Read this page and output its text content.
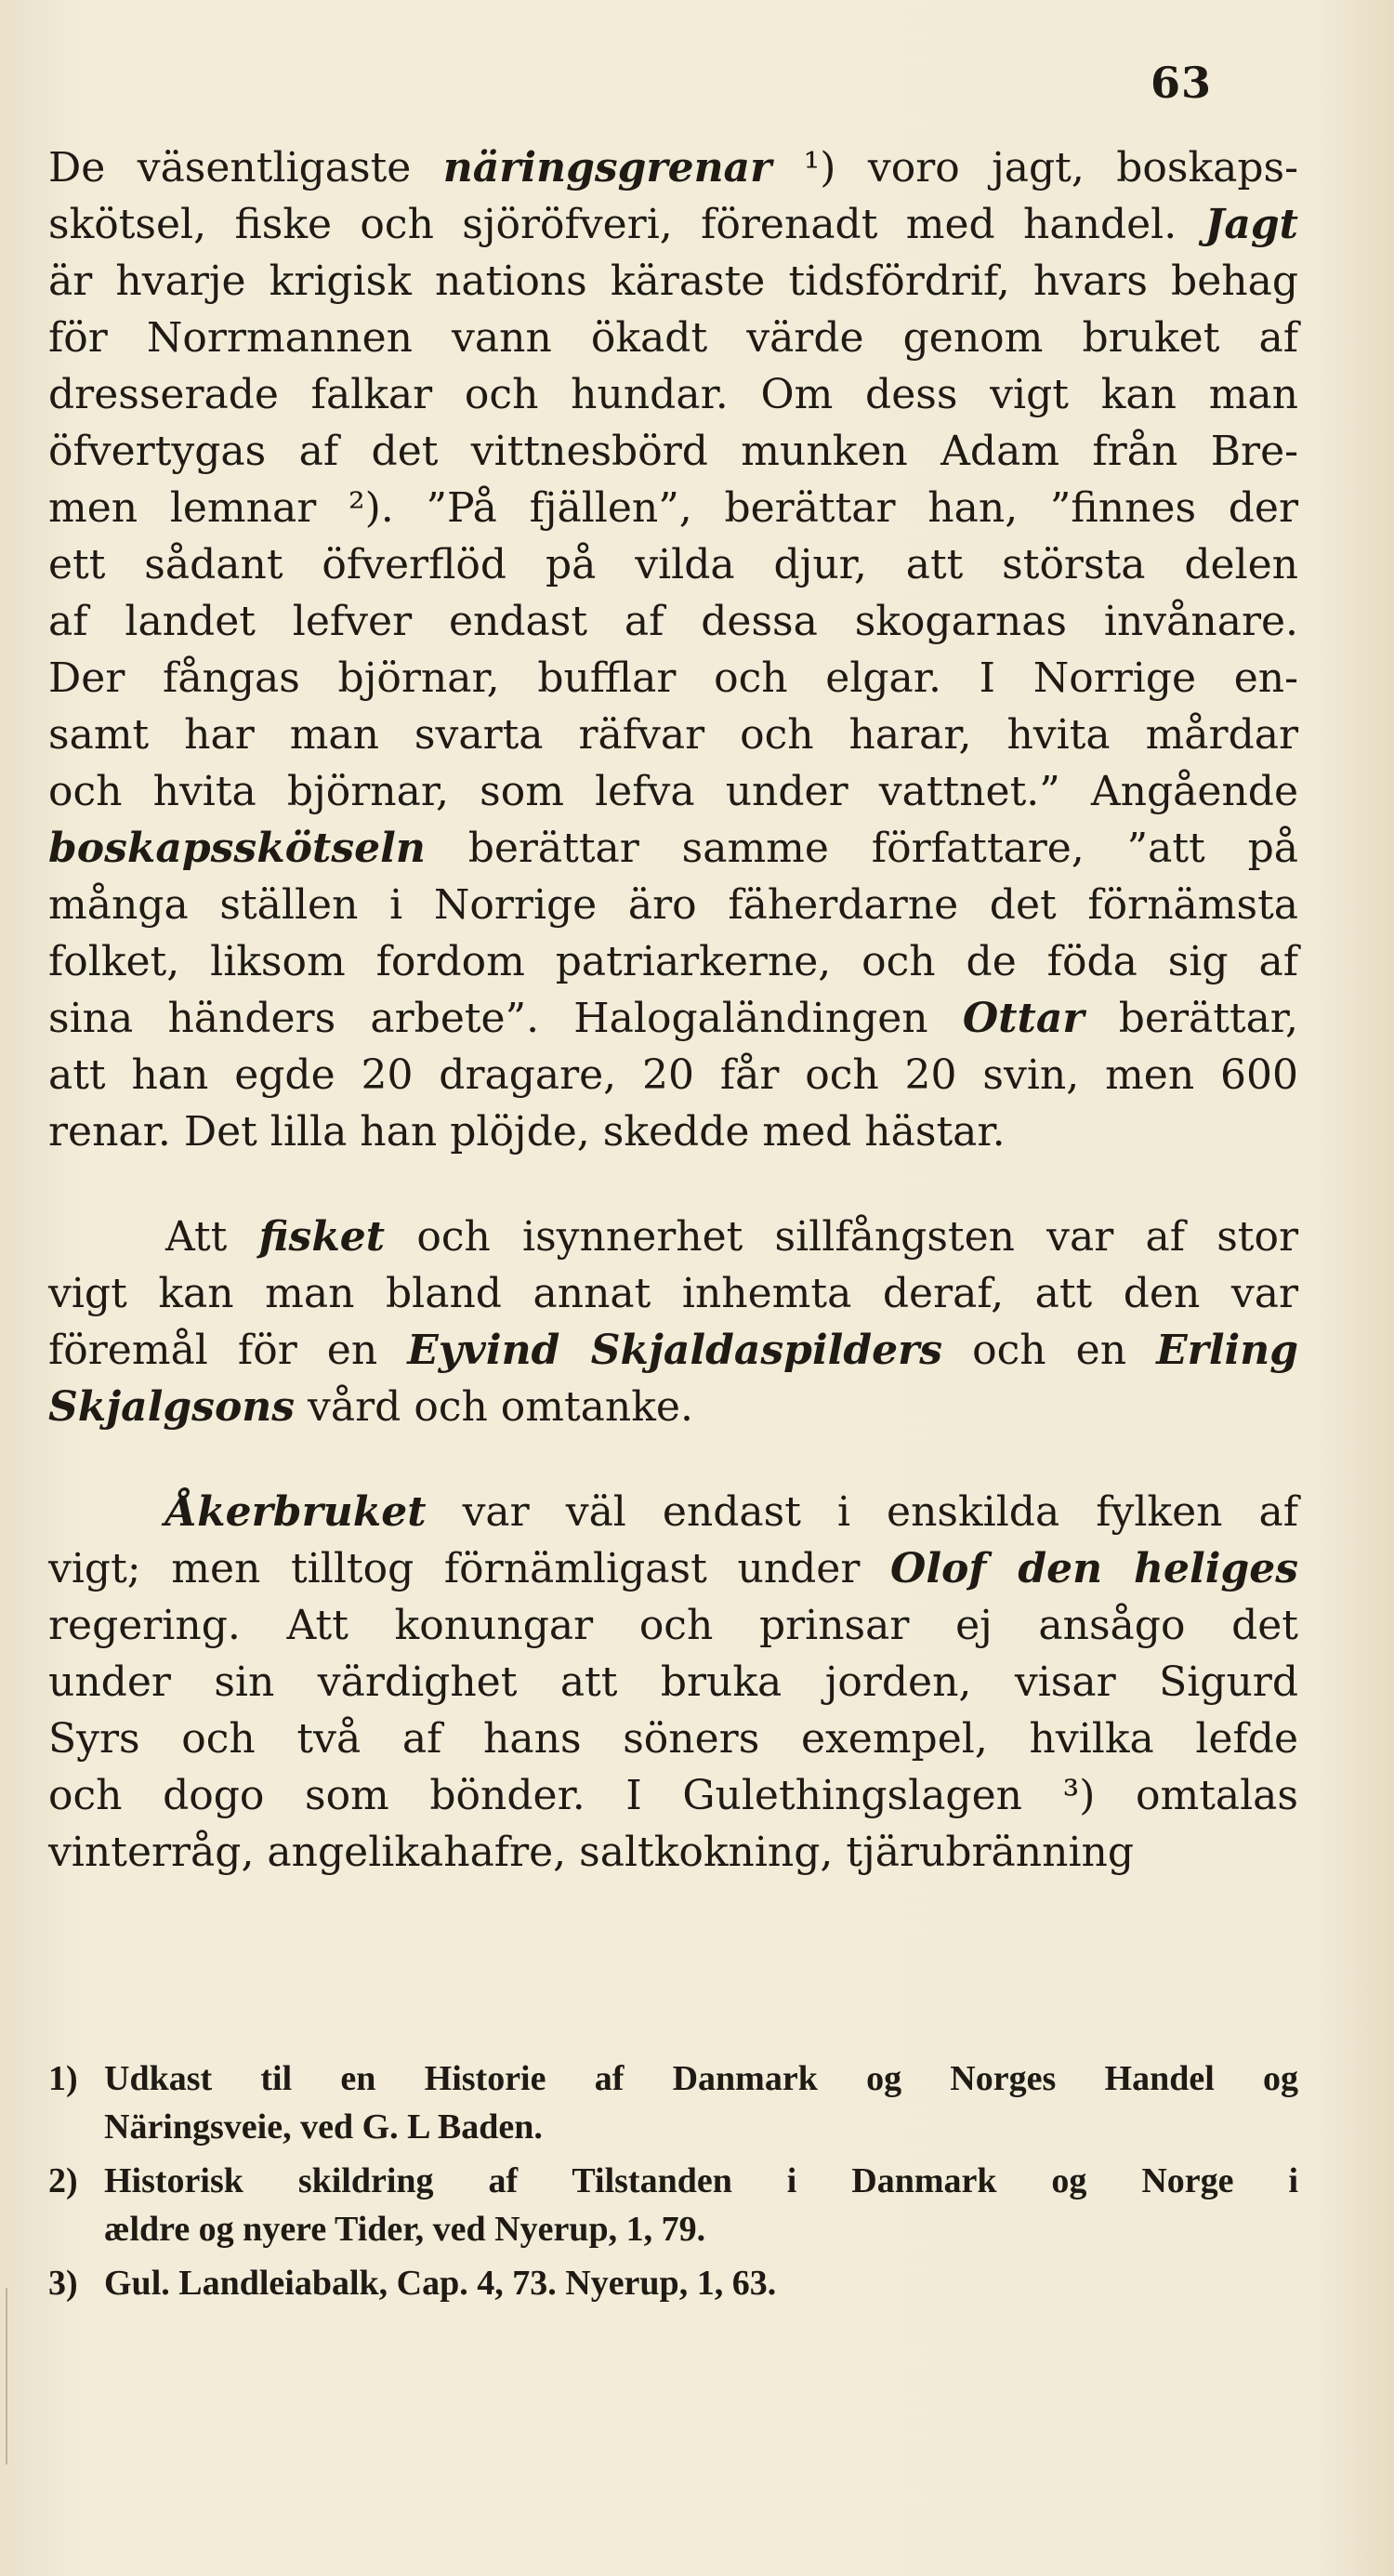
63
De väsentligaste näringsgrenar ¹) voro jagt, boskaps-
skötsel, fiske och sjöröfveri, förenadt med handel. Jagt
är hvarje krigisk nations käraste tidsfördrif, hvars behag
för Norrmannen vann ökadt värde genom bruket af
dresserade falkar och hundar. Om dess vigt kan man
öfvertygas af det vittnesbörd munken Adam från Bre-
men lemnar ²). ”På fjällen”, berättar han, ”finnes der
ett sådant öfverflöd på vilda djur, att största delen
af landet lefver endast af dessa skogarnas invånare.
Der fångas björnar, bufflar och elgar. I Norrige en-
samt har man svarta räfvar och harar, hvita mårdar
och hvita björnar, som lefva under vattnet.” Angående
boskapsskötseln berättar samme författare, ”att på
många ställen i Norrige äro fäherdarne det förnämsta
folket, liksom fordom patriarkerne, och de föda sig af
sina händers arbete”. Halogaländingen Ottar berättar,
att han egde 20 dragare, 20 får och 20 svin, men 600
renar. Det lilla han plöjde, skedde med hästar.
Att fisket och isynnerhet sillfångsten var af stor
vigt kan man bland annat inhemta deraf, att den var
föremål för en Eyvind Skjaldaspilders och en Erling
Skjalgsons vård och omtanke.
Åkerbruket var väl endast i enskilda fylken af
vigt; men tilltog förnämligast under Olof den heliges
regering. Att konungar och prinsar ej ansågo det
under sin värdighet att bruka jorden, visar Sigurd
Syrs och två af hans söners exempel, hvilka lefde
och dogo som bönder. I Gulethingslagen ³) omtalas
vinterråg, angelikahafre, saltkokning, tjärubränning
1) Udkast til en Historie af Danmark og Norges Handel og
Näringsveie, ved G. L Baden.
2) Historisk skildring af Tilstanden i Danmark og Norge i
ældre og nyere Tider, ved Nyerup, 1, 79.
3) Gul. Landleiabalk, Cap. 4, 73. Nyerup, 1, 63.
